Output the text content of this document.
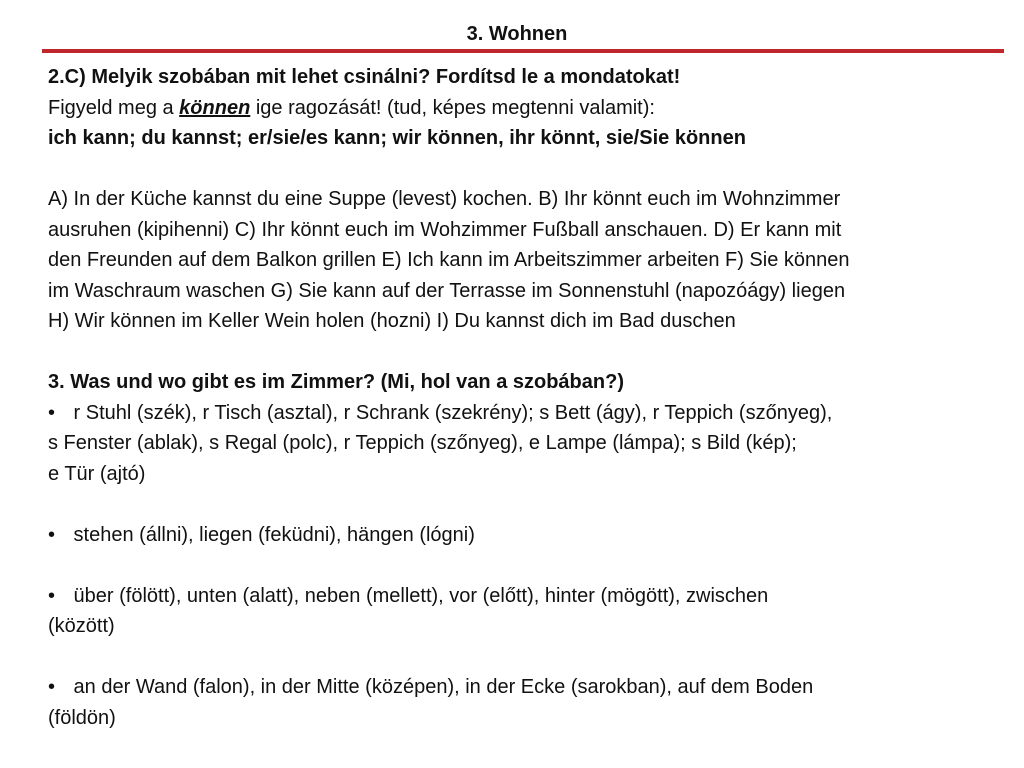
3. Wohnen
2.C) Melyik szobában mit lehet csinálni? Fordítsd le a mondatokat!
Figyeld meg a können ige ragozását! (tud, képes megtenni valamit):
ich kann; du kannst; er/sie/es kann; wir können, ihr könnt, sie/Sie können
A) In der Küche kannst du eine Suppe (levest) kochen. B) Ihr könnt euch im Wohnzimmer
ausruhen (kipihenni) C) Ihr könnt euch im Wohzimmer Fußball anschauen. D) Er kann mit
den Freunden auf dem Balkon grillen E) Ich kann im Arbeitszimmer arbeiten F) Sie können
im Waschraum waschen G) Sie kann auf der Terrasse im Sonnenstuhl (napozóágy) liegen
H) Wir können im Keller Wein holen (hozni) I) Du kannst dich im Bad duschen
3. Was und wo gibt es im Zimmer? (Mi, hol van a szobában?)
• r Stuhl (szék), r Tisch (asztal), r Schrank (szekrény); s Bett (ágy), r Teppich (szőnyeg),
s Fenster (ablak), s Regal (polc), r Teppich (szőnyeg), e Lampe (lámpa); s Bild (kép);
e Tür (ajtó)
• stehen (állni), liegen (feküdni), hängen (lógni)
• über (fölött), unten (alatt), neben (mellett), vor (előtt), hinter (mögött), zwischen
(között)
• an der Wand (falon), in der Mitte (középen), in der Ecke (sarokban), auf dem Boden
(földön)
